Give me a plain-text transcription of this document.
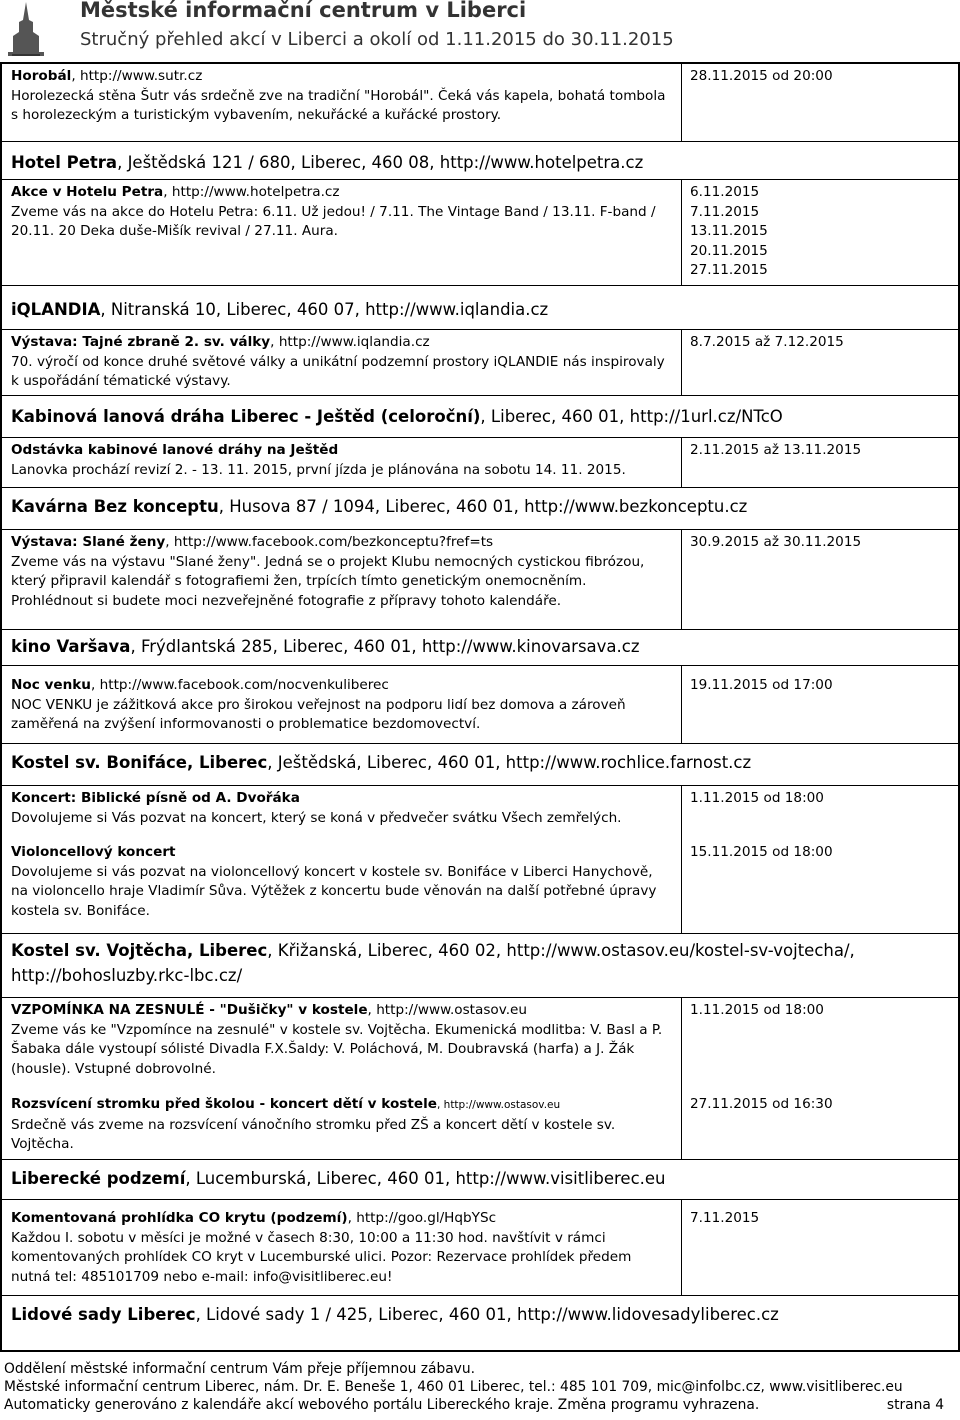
Městské informační centrum v Liberci
Stručný přehled akcí v Liberci a okolí od 1.11.2015 do 30.11.2015
Horobál, http://www.sutr.cz
Horolezecká stěna Šutr vás srdečně zve na tradiční "Horobál". Čeká vás kapela, bohatá tombola s horolezeckým a turistickým vybavením, nekuřácké a kuřácké prostory.
28.11.2015 od 20:00
Hotel Petra, Ještědská 121 / 680, Liberec, 460 08, http://www.hotelpetra.cz
Akce v Hotelu Petra, http://www.hotelpetra.cz
Zveme vás na akce do Hotelu Petra: 6.11. Už jedou! / 7.11. The Vintage Band / 13.11. F-band / 20.11. 20 Deka duše-Mišík revival / 27.11. Aura.
6.11.2015
7.11.2015
13.11.2015
20.11.2015
27.11.2015
iQLANDIA, Nitranská 10, Liberec, 460 07, http://www.iqlandia.cz
Výstava: Tajné zbraně 2. sv. války, http://www.iqlandia.cz
70. výročí od konce druhé světové války a unikátní podzemní prostory iQLANDIE nás inspirovaly k uspořádání tématické výstavy.
8.7.2015 až 7.12.2015
Kabinová lanová dráha Liberec - Ještěd (celoroční), Liberec, 460 01, http://1url.cz/NTcO
Odstávka kabinové lanové dráhy na Ještěd
Lanovka prochází revizí 2. - 13. 11. 2015, první jízda je plánována na sobotu 14. 11. 2015.
2.11.2015 až 13.11.2015
Kavárna Bez konceptu, Husova 87 / 1094, Liberec, 460 01, http://www.bezkonceptu.cz
Výstava: Slané ženy, http://www.facebook.com/bezkonceptu?fref=ts
Zveme vás na výstavu "Slané ženy". Jedná se o projekt Klubu nemocných cystickou fibrózou, který připravil kalendář s fotografiemi žen, trpících tímto genetickým onemocněním. Prohlédnout si budete moci nezveřejněné fotografie z přípravy tohoto kalendáře.
30.9.2015 až 30.11.2015
kino Varšava, Frýdlantská 285, Liberec, 460 01, http://www.kinovarsava.cz
Noc venku, http://www.facebook.com/nocvenkuliberec
NOC VENKU je zážitková akce pro širokou veřejnost na podporu lidí bez domova a zároveň zaměřená na zvýšení informovanosti o problematice bezdomovectví.
19.11.2015 od 17:00
Kostel sv. Bonifáce, Liberec, Ještědská, Liberec, 460 01, http://www.rochlice.farnost.cz
Koncert: Biblické písně od A. Dvořáka
Dovolujeme si Vás pozvat na koncert, který se koná v předvečer svátku Všech zemřelých.
1.11.2015 od 18:00
Violoncellový koncert
Dovolujeme si vás pozvat na violoncellový koncert v kostele sv. Bonifáce v Liberci Hanychově, na violoncello hraje Vladimír Sůva. Výtěžek z koncertu bude věnován na další potřebné úpravy kostela sv. Bonifáce.
15.11.2015 od 18:00
Kostel sv. Vojtěcha, Liberec, Křižanská, Liberec, 460 02, http://www.ostasov.eu/kostel-sv-vojtecha/, http://bohosluzby.rkc-lbc.cz/
VZPOMÍNKA NA ZESNULÉ - "Dušičky" v kostele, http://www.ostasov.eu
Zveme vás ke "Vzpomínce na zesnulé" v kostele sv. Vojtěcha. Ekumenická modlitba: V. Basl a P. Šabaka dále vystoupí sólisté Divadla F.X.Šaldy: V. Poláchová, M. Doubravská (harfa) a J. Žák (housle). Vstupné dobrovolné.
1.11.2015 od 18:00
Rozsvícení stromku před školou - koncert dětí v kostele, http://www.ostasov.eu
Srdečně vás zveme na rozsvícení vánočního stromku před ZŠ a koncert dětí v kostele sv. Vojtěcha.
27.11.2015 od 16:30
Liberecké podzemí, Lucemburská, Liberec, 460 01, http://www.visitliberec.eu
Komentovaná prohlídka CO krytu (podzemí), http://goo.gl/HqbYSc
Každou I. sobotu v měsíci je možné v časech 8:30, 10:00 a 11:30 hod. navštívit v rámci komentovaných prohlídek CO kryt v Lucemburské ulici. Pozor: Rezervace prohlídek předem nutná tel: 485101709 nebo e-mail: info@visitliberec.eu!
7.11.2015
Lidové sady Liberec, Lidové sady 1 / 425, Liberec, 460 01, http://www.lidovesadyliberec.cz
Oddělení městské informační centrum Vám přeje příjemnou zábavu.
Městské informační centrum Liberec, nám. Dr. E. Beneše 1, 460 01 Liberec, tel.: 485 101 709, mic@infolbc.cz, www.visitliberec.eu
Automaticky generováno z kalendáře akcí webového portálu Libereckého kraje. Změna programu vyhrazena.	strana 4
